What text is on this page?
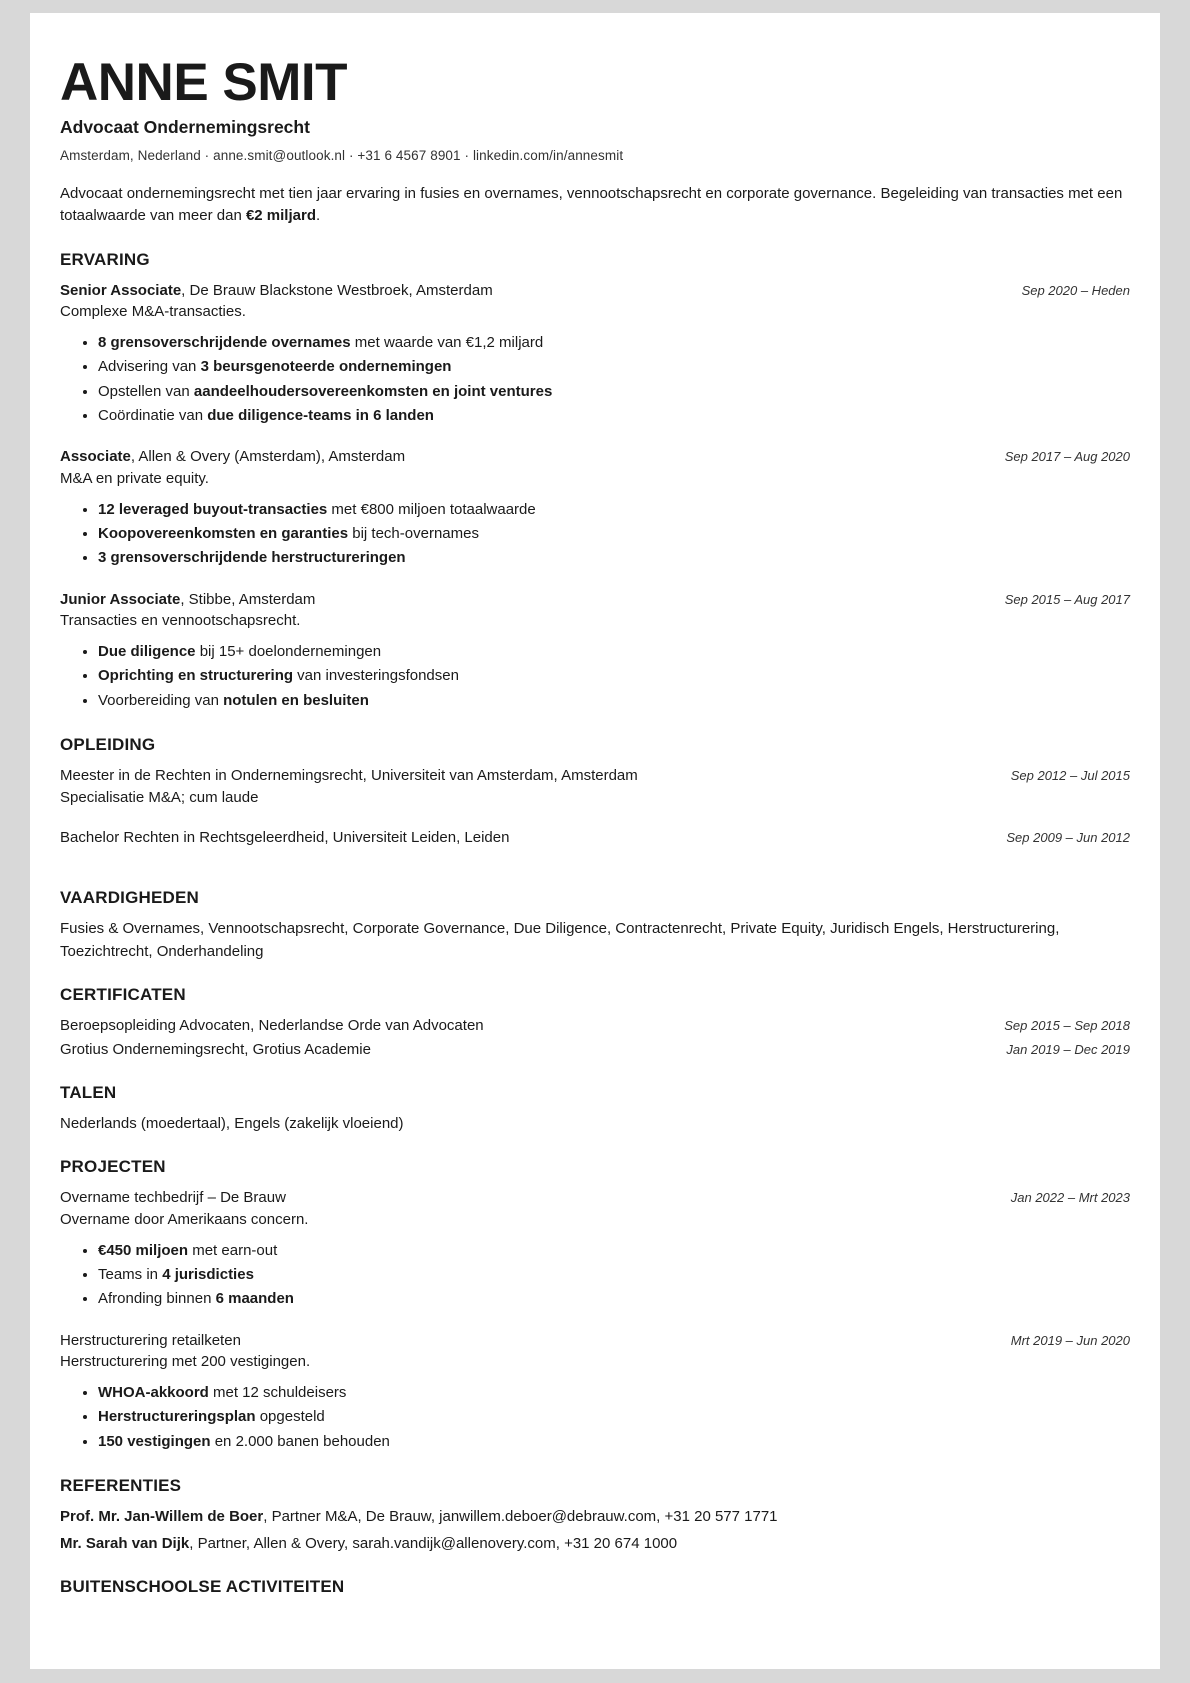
ANNE SMIT
Advocaat Ondernemingsrecht
Amsterdam, Nederland · anne.smit@outlook.nl · +31 6 4567 8901 · linkedin.com/in/annesmit

Advocaat ondernemingsrecht met tien jaar ervaring in fusies en overnames, vennootschapsrecht en corporate governance. Begeleiding van transacties met een totaalwaarde van meer dan €2 miljard.

ERVARING
Senior Associate, De Brauw Blackstone Westbroek, Amsterdam	Sep 2020 – Heden
Complexe M&A-transacties.
• 8 grensoverschrijdende overnames met waarde van €1,2 miljard
• Advisering van 3 beursgenoteerde ondernemingen
• Opstellen van aandeelhoudersovereenkomsten en joint ventures
• Coördinatie van due diligence-teams in 6 landen
Associate, Allen & Overy (Amsterdam), Amsterdam	Sep 2017 – Aug 2020
M&A en private equity.
• 12 leveraged buyout-transacties met €800 miljoen totaalwaarde
• Koopovereenkomsten en garanties bij tech-overnames
• 3 grensoverschrijdende herstructureringen
Junior Associate, Stibbe, Amsterdam	Sep 2015 – Aug 2017
Transacties en vennootschapsrecht.
• Due diligence bij 15+ doelondernemingen
• Oprichting en structurering van investeringsfondsen
• Voorbereiding van notulen en besluiten
OPLEIDING
Meester in de Rechten in Ondernemingsrecht, Universiteit van Amsterdam, Amsterdam	Sep 2012 – Jul 2015
Specialisatie M&A; cum laude
Bachelor Rechten in Rechtsgeleerdheid, Universiteit Leiden, Leiden	Sep 2009 – Jun 2012
VAARDIGHEDEN
Fusies & Overnames, Vennootschapsrecht, Corporate Governance, Due Diligence, Contractenrecht, Private Equity, Juridisch Engels, Herstructurering, Toezichtrecht, Onderhandeling
CERTIFICATEN
Beroepsopleiding Advocaten, Nederlandse Orde van Advocaten	Sep 2015 – Sep 2018
Grotius Ondernemingsrecht, Grotius Academie	Jan 2019 – Dec 2019
TALEN
Nederlands (moedertaal), Engels (zakelijk vloeiend)
PROJECTEN
Overname techbedrijf – De Brauw	Jan 2022 – Mrt 2023
Overname door Amerikaans concern.
• €450 miljoen met earn-out
• Teams in 4 jurisdicties
• Afronding binnen 6 maanden
Herstructurering retailketen	Mrt 2019 – Jun 2020
Herstructurering met 200 vestigingen.
• WHOA-akkoord met 12 schuldeisers
• Herstructureringsplan opgesteld
• 150 vestigingen en 2.000 banen behouden
REFERENTIES
Prof. Mr. Jan-Willem de Boer, Partner M&A, De Brauw, janwillem.deboer@debrauw.com, +31 20 577 1771
Mr. Sarah van Dijk, Partner, Allen & Overy, sarah.vandijk@allenovery.com, +31 20 674 1000
BUITENSCHOOLSE ACTIVITEITEN
